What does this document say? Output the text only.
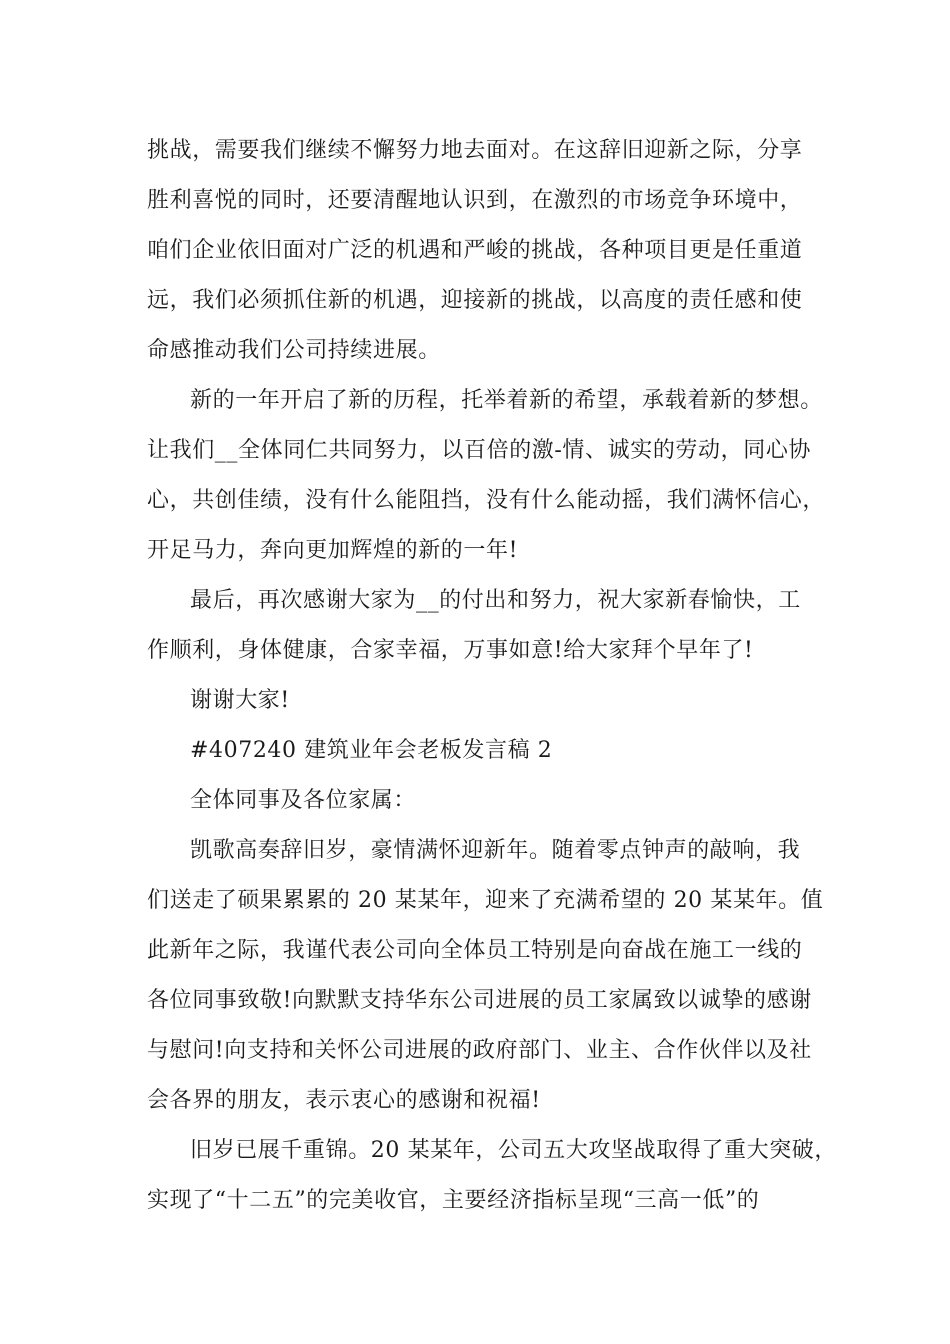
挑战，需要我们继续不懈努力地去面对。在这辞旧迎新之际，分享

胜利喜悦的同时，还要清醒地认识到，在激烈的市场竞争环境中，

咱们企业依旧面对广泛的机遇和严峻的挑战，各种项目更是任重道

远，我们必须抓住新的机遇，迎接新的挑战，以高度的责任感和使

命感推动我们公司持续进展。

新的一年开启了新的历程，托举着新的希望，承载着新的梦想。

让我们__全体同仁共同努力，以百倍的激-情、诚实的劳动，同心协

心，共创佳绩，没有什么能阻挡，没有什么能动摇，我们满怀信心，

开足马力，奔向更加辉煌的新的一年!

最后，再次感谢大家为__的付出和努力，祝大家新春愉快，工

作顺利，身体健康，合家幸福，万事如意!给大家拜个早年了!

谢谢大家!

#407240 建筑业年会老板发言稿 2

全体同事及各位家属：

凯歌高奏辞旧岁，豪情满怀迎新年。随着零点钟声的敲响，我

们送走了硕果累累的 20 某某年，迎来了充满希望的 20 某某年。值

此新年之际，我谨代表公司向全体员工特别是向奋战在施工一线的

各位同事致敬!向默默支持华东公司进展的员工家属致以诚挚的感谢

与慰问!向支持和关怀公司进展的政府部门、业主、合作伙伴以及社

会各界的朋友，表示衷心的感谢和祝福!

旧岁已展千重锦。20 某某年，公司五大攻坚战取得了重大突破，

实现了“十二五”的完美收官，主要经济指标呈现“三高一低”的
